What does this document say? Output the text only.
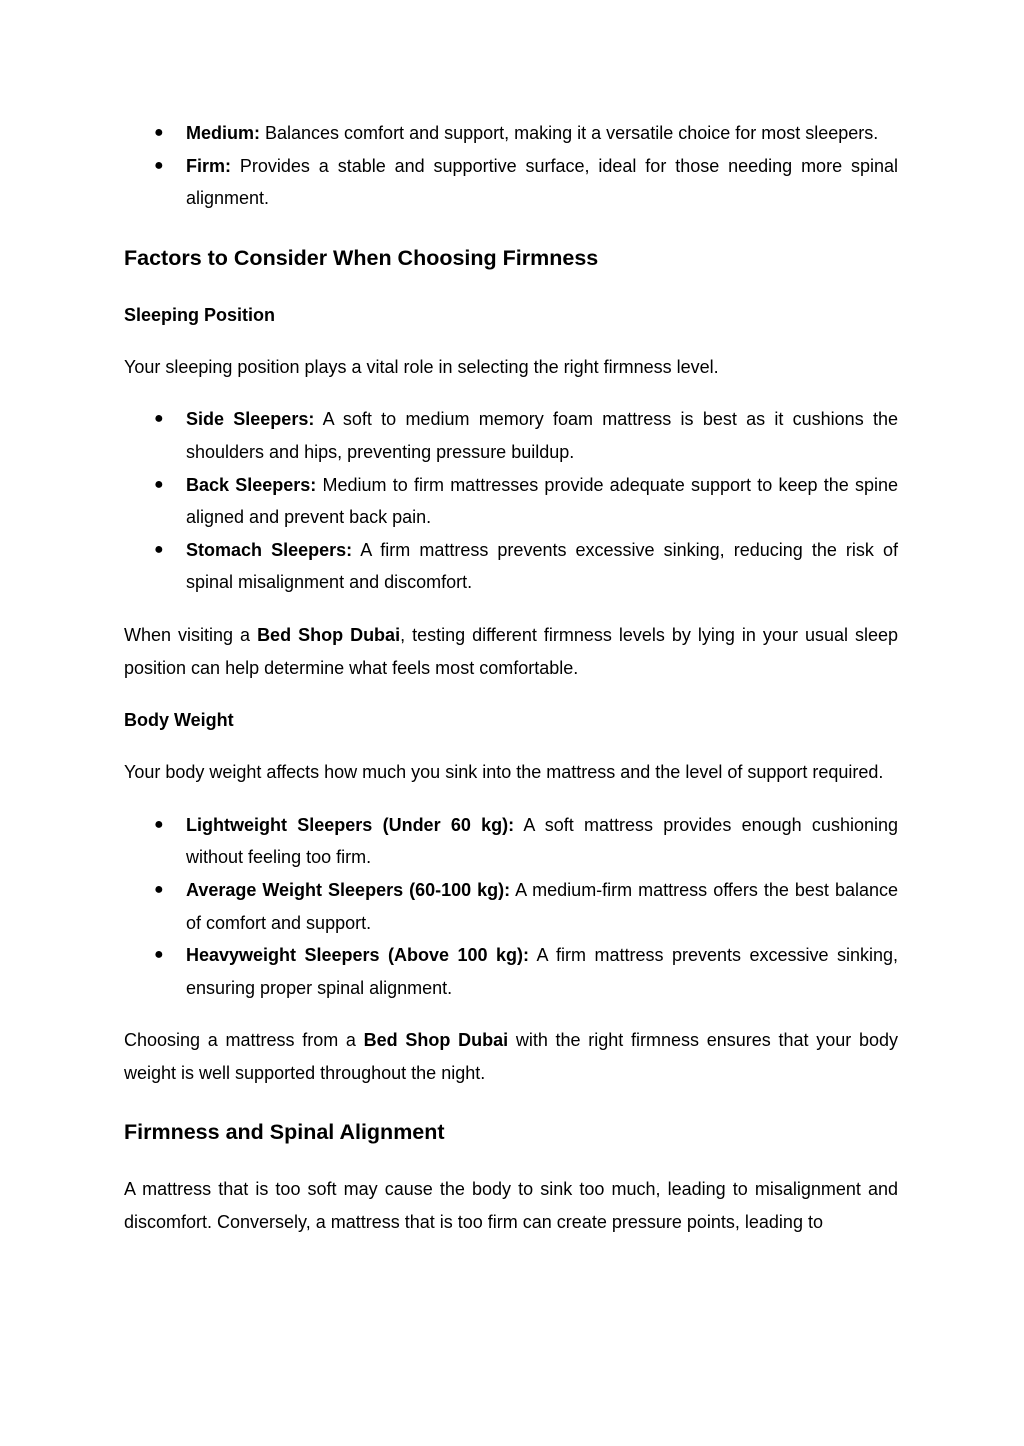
● Medium: Balances comfort and support, making it a versatile choice for most sleepers.
● Firm: Provides a stable and supportive surface, ideal for those needing more spinal alignment.
Factors to Consider When Choosing Firmness
Sleeping Position

Your sleeping position plays a vital role in selecting the right firmness level.

● Side Sleepers: A soft to medium memory foam mattress is best as it cushions the shoulders and hips, preventing pressure buildup.
● Back Sleepers: Medium to firm mattresses provide adequate support to keep the spine aligned and prevent back pain.
● Stomach Sleepers: A firm mattress prevents excessive sinking, reducing the risk of spinal misalignment and discomfort.

When visiting a Bed Shop Dubai, testing different firmness levels by lying in your usual sleep position can help determine what feels most comfortable.

Body Weight

Your body weight affects how much you sink into the mattress and the level of support required.

● Lightweight Sleepers (Under 60 kg): A soft mattress provides enough cushioning without feeling too firm.
● Average Weight Sleepers (60-100 kg): A medium-firm mattress offers the best balance of comfort and support.
● Heavyweight Sleepers (Above 100 kg): A firm mattress prevents excessive sinking, ensuring proper spinal alignment.

Choosing a mattress from a Bed Shop Dubai with the right firmness ensures that your body weight is well supported throughout the night.

Firmness and Spinal Alignment

A mattress that is too soft may cause the body to sink too much, leading to misalignment and discomfort. Conversely, a mattress that is too firm can create pressure points, leading to
